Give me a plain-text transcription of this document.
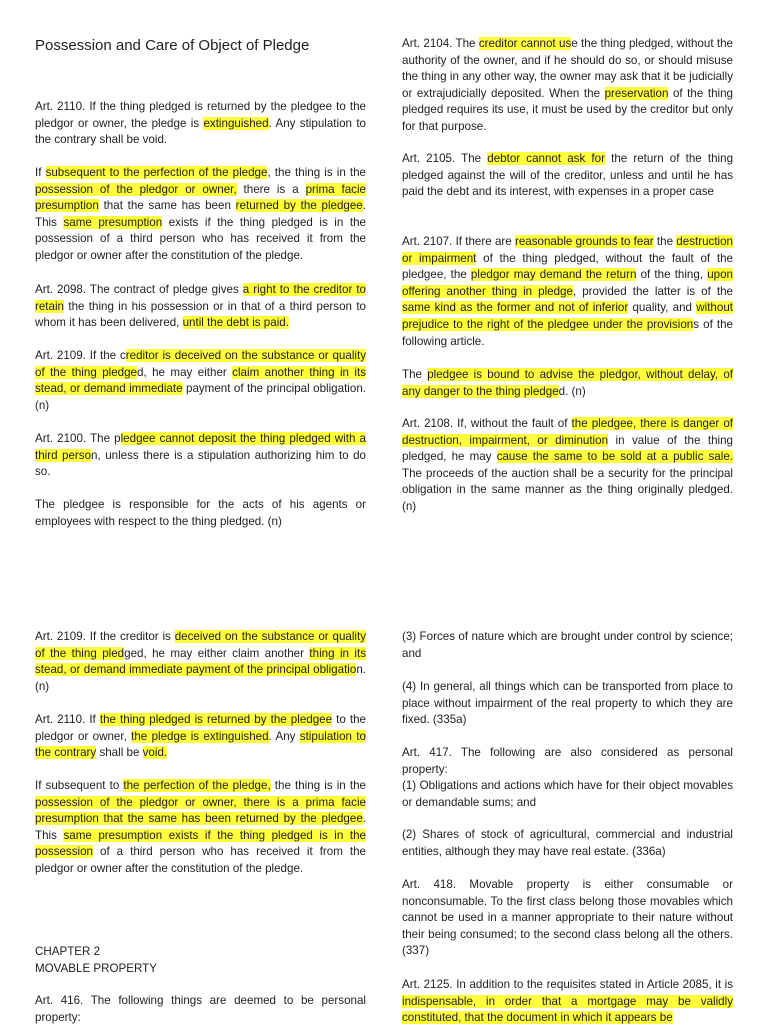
Possession and Care of Object of Pledge
Art. 2110. If the thing pledged is returned by the pledgee to the pledgor or owner, the pledge is extinguished. Any stipulation to the contrary shall be void.
If subsequent to the perfection of the pledge, the thing is in the possession of the pledgor or owner, there is a prima facie presumption that the same has been returned by the pledgee. This same presumption exists if the thing pledged is in the possession of a third person who has received it from the pledgor or owner after the constitution of the pledge.
Art. 2098. The contract of pledge gives a right to the creditor to retain the thing in his possession or in that of a third person to whom it has been delivered, until the debt is paid.
Art. 2109. If the creditor is deceived on the substance or quality of the thing pledged, he may either claim another thing in its stead, or demand immediate payment of the principal obligation. (n)
Art. 2100. The pledgee cannot deposit the thing pledged with a third person, unless there is a stipulation authorizing him to do so.
The pledgee is responsible for the acts of his agents or employees with respect to the thing pledged. (n)
Art. 2104. The creditor cannot use the thing pledged, without the authority of the owner, and if he should do so, or should misuse the thing in any other way, the owner may ask that it be judicially or extrajudicially deposited. When the preservation of the thing pledged requires its use, it must be used by the creditor but only for that purpose.
Art. 2105. The debtor cannot ask for the return of the thing pledged against the will of the creditor, unless and until he has paid the debt and its interest, with expenses in a proper case
Art. 2107. If there are reasonable grounds to fear the destruction or impairment of the thing pledged, without the fault of the pledgee, the pledgor may demand the return of the thing, upon offering another thing in pledge, provided the latter is of the same kind as the former and not of inferior quality, and without prejudice to the right of the pledgee under the provisions of the following article.
The pledgee is bound to advise the pledgor, without delay, of any danger to the thing pledged. (n)
Art. 2108. If, without the fault of the pledgee, there is danger of destruction, impairment, or diminution in value of the thing pledged, he may cause the same to be sold at a public sale. The proceeds of the auction shall be a security for the principal obligation in the same manner as the thing originally pledged. (n)
Art. 2109. If the creditor is deceived on the substance or quality of the thing pledged, he may either claim another thing in its stead, or demand immediate payment of the principal obligation. (n)
Art. 2110. If the thing pledged is returned by the pledgee to the pledgor or owner, the pledge is extinguished. Any stipulation to the contrary shall be void.
If subsequent to the perfection of the pledge, the thing is in the possession of the pledgor or owner, there is a prima facie presumption that the same has been returned by the pledgee. This same presumption exists if the thing pledged is in the possession of a third person who has received it from the pledgor or owner after the constitution of the pledge.
CHAPTER 2
MOVABLE PROPERTY
Art. 416. The following things are deemed to be personal property:
(3) Forces of nature which are brought under control by science; and
(4) In general, all things which can be transported from place to place without impairment of the real property to which they are fixed. (335a)
Art. 417. The following are also considered as personal property:
(1) Obligations and actions which have for their object movables or demandable sums; and
(2) Shares of stock of agricultural, commercial and industrial entities, although they may have real estate. (336a)
Art. 418. Movable property is either consumable or nonconsumable. To the first class belong those movables which cannot be used in a manner appropriate to their nature without their being consumed; to the second class belong all the others. (337)
Art. 2125. In addition to the requisites stated in Article 2085, it is indispensable, in order that a mortgage may be validly constituted, that the document in which it appears be
